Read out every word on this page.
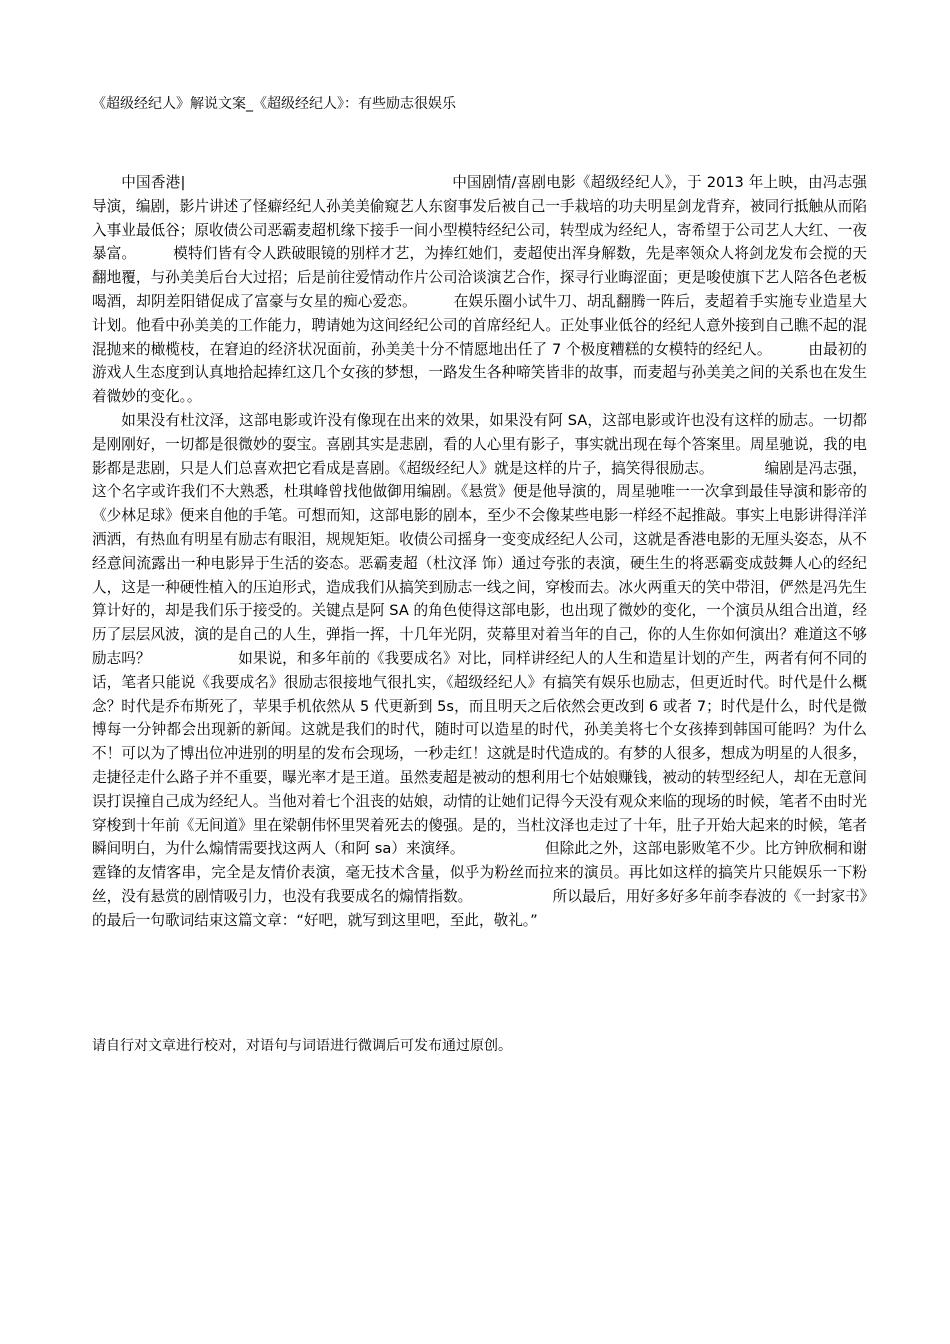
《超级经纪人》解说文案_《超级经纪人》：有些励志很娱乐

中国香港|　　　　　　　　　　　　　　　　　　中国剧情/喜剧电影《超级经纪人》，于 2013 年上映，由冯志强导演，编剧，影片讲述了怪癖经纪人孙美美偷窥艺人东窗事发后被自己一手栽培的功夫明星剑龙背弃，被同行抵触从而陷入事业最低谷；原收债公司恶霸麦超机缘下接手一间小型模特经纪公司，转型成为经纪人，寄希望于公司艺人大红、一夜暴富。　　　模特们皆有令人跌破眼镜的别样才艺，为捧红她们，麦超使出浑身解数，先是率领众人将剑龙发布会搅的天翻地覆，与孙美美后台大过招；后是前往爱情动作片公司洽谈演艺合作，探寻行业晦涩面；更是唆使旗下艺人陪各色老板喝酒，却阴差阳错促成了富豪与女星的痴心爱恋。　　　在娱乐圈小试牛刀、胡乱翻腾一阵后，麦超着手实施专业造星大计划。他看中孙美美的工作能力，聘请她为这间经纪公司的首席经纪人。正处事业低谷的经纪人意外接到自己瞧不起的混混抛来的橄榄枝，在窘迫的经济状况面前，孙美美十分不情愿地出任了 7 个极度糟糕的女模特的经纪人。　　　由最初的游戏人生态度到认真地拾起捧红这几个女孩的梦想，一路发生各种啼笑皆非的故事，而麦超与孙美美之间的关系也在发生着微妙的变化。。

如果没有杜汶泽，这部电影或许没有像现在出来的效果，如果没有阿 SA，这部电影或许也没有这样的励志。一切都是刚刚好，一切都是很微妙的耍宝。喜剧其实是悲剧，看的人心里有影子，事实就出现在每个答案里。周星驰说，我的电影都是悲剧，只是人们总喜欢把它看成是喜剧。《超级经纪人》就是这样的片子，搞笑得很励志。　　　　编剧是冯志强，这个名字或许我们不大熟悉，杜琪峰曾找他做御用编剧。《悬赏》便是他导演的，周星驰唯一一次拿到最佳导演和影帝的《少林足球》便来自他的手笔。可想而知，这部电影的剧本，至少不会像某些电影一样经不起推敲。事实上电影讲得洋洋洒洒，有热血有明星有励志有眼泪，规规矩矩。收债公司摇身一变变成经纪人公司，这就是香港电影的无厘头姿态，从不经意间流露出一种电影异于生活的姿态。恶霸麦超（杜汶泽 饰）通过夸张的表演，硬生生的将恶霸变成鼓舞人心的经纪人，这是一种硬性植入的压迫形式，造成我们从搞笑到励志一线之间，穿梭而去。冰火两重天的笑中带泪，俨然是冯先生算计好的，却是我们乐于接受的。关键点是阿 SA 的角色使得这部电影，也出现了微妙的变化，一个演员从组合出道，经历了层层风波，演的是自己的人生，弹指一挥，十几年光阴，荧幕里对着当年的自己，你的人生你如何演出？难道这不够励志吗？　　　　　　如果说，和多年前的《我要成名》对比，同样讲经纪人的人生和造星计划的产生，两者有何不同的话，笔者只能说《我要成名》很励志很接地气很扎实，《超级经纪人》有搞笑有娱乐也励志，但更近时代。时代是什么概念？时代是乔布斯死了，苹果手机依然从 5 代更新到 5s，而且明天之后依然会更改到 6 或者 7；时代是什么，时代是微博每一分钟都会出现新的新闻。这就是我们的时代，随时可以造星的时代，孙美美将七个女孩捧到韩国可能吗？为什么不！可以为了博出位冲进别的明星的发布会现场，一秒走红！这就是时代造成的。有梦的人很多，想成为明星的人很多，走捷径走什么路子并不重要，曝光率才是王道。虽然麦超是被动的想利用七个姑娘赚钱，被动的转型经纪人，却在无意间误打误撞自己成为经纪人。当他对着七个沮丧的姑娘，动情的让她们记得今天没有观众来临的现场的时候，笔者不由时光穿梭到十年前《无间道》里在梁朝伟怀里哭着死去的傻强。是的，当杜汶泽也走过了十年，肚子开始大起来的时候，笔者瞬间明白，为什么煽情需要找这两人（和阿 sa）来演绎。　　　　　　但除此之外，这部电影败笔不少。比方钟欣桐和谢霆锋的友情客串，完全是友情价表演，毫无技术含量，似乎为粉丝而拉来的演员。再比如这样的搞笑片只能娱乐一下粉丝，没有悬赏的剧情吸引力，也没有我要成名的煽情指数。　　　　　　所以最后，用好多好多年前李春波的《一封家书》的最后一句歌词结束这篇文章：“好吧，就写到这里吧，至此，敬礼。”

请自行对文章进行校对，对语句与词语进行微调后可发布通过原创。
